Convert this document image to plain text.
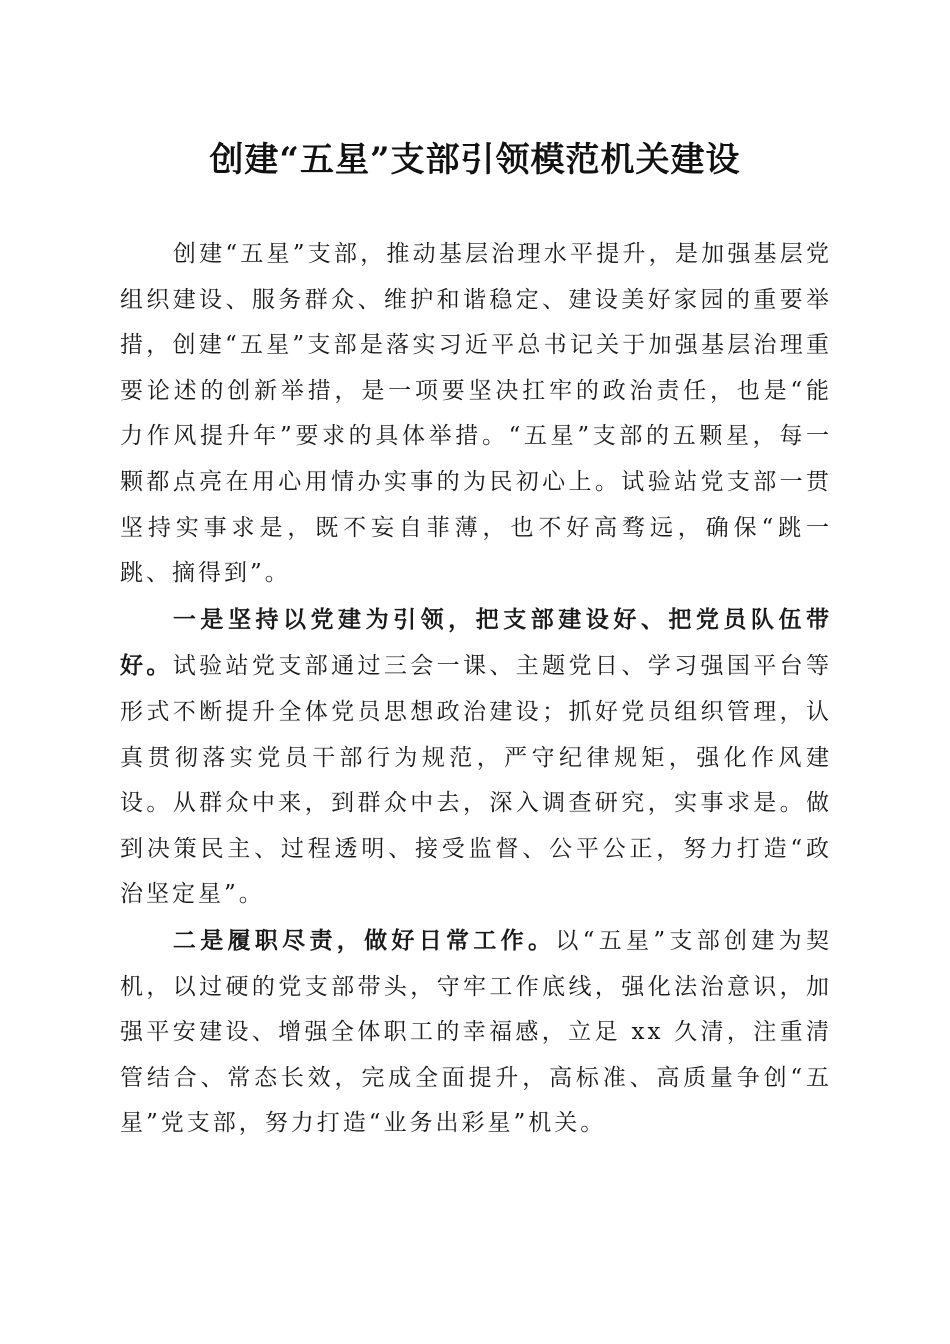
创建“五星”支部引领模范机关建设

创建“五星”支部，推动基层治理水平提升，是加强基层党组织建设、服务群众、维护和谐稳定、建设美好家园的重要举措，创建“五星”支部是落实习近平总书记关于加强基层治理重要论述的创新举措，是一项要坚决扛牢的政治责任，也是“能力作风提升年”要求的具体举措。“五星”支部的五颗星，每一颗都点亮在用心用情办实事的为民初心上。试验站党支部一贯坚持实事求是，既不妄自菲薄，也不好高骛远，确保“跳一跳、摘得到”。

一是坚持以党建为引领，把支部建设好、把党员队伍带好。试验站党支部通过三会一课、主题党日、学习强国平台等形式不断提升全体党员思想政治建设；抓好党员组织管理，认真贯彻落实党员干部行为规范，严守纪律规矩，强化作风建设。从群众中来，到群众中去，深入调查研究，实事求是。做到决策民主、过程透明、接受监督、公平公正，努力打造“政治坚定星”。

二是履职尽责，做好日常工作。以“五星”支部创建为契机，以过硬的党支部带头，守牢工作底线，强化法治意识，加强平安建设、增强全体职工的幸福感，立足 xx 久清，注重清管结合、常态长效，完成全面提升，高标准、高质量争创“五星”党支部，努力打造“业务出彩星”机关。
